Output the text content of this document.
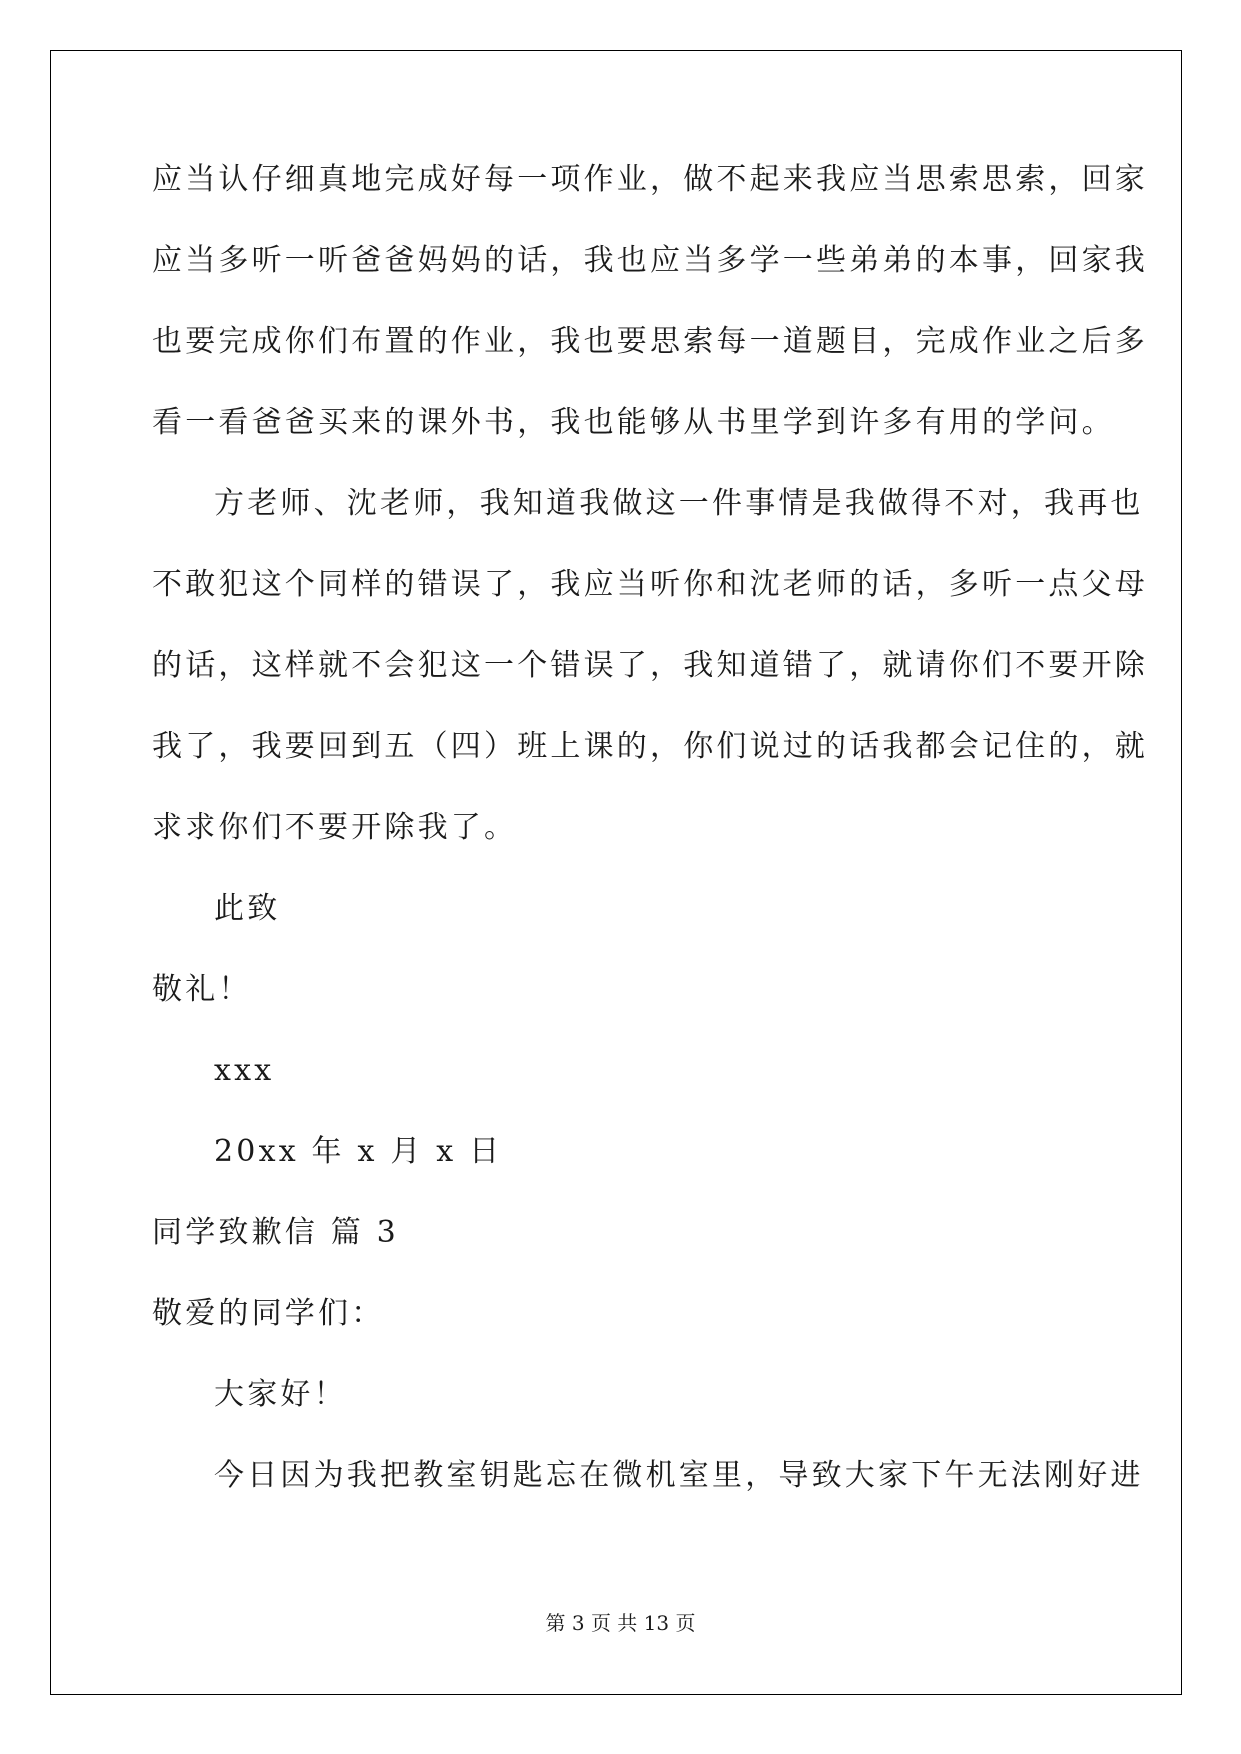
应当认仔细真地完成好每一项作业，做不起来我应当思索思索，回家
应当多听一听爸爸妈妈的话，我也应当多学一些弟弟的本事，回家我
也要完成你们布置的作业，我也要思索每一道题目，完成作业之后多
看一看爸爸买来的课外书，我也能够从书里学到许多有用的学问。
方老师、沈老师，我知道我做这一件事情是我做得不对，我再也
不敢犯这个同样的错误了，我应当听你和沈老师的话，多听一点父母
的话，这样就不会犯这一个错误了，我知道错了，就请你们不要开除
我了，我要回到五（四）班上课的，你们说过的话我都会记住的，就
求求你们不要开除我了。
此致
敬礼！
xxx
20xx 年 x 月 x 日
同学致歉信 篇 3
敬爱的同学们：
大家好！
今日因为我把教室钥匙忘在微机室里，导致大家下午无法刚好进
第 3 页 共 13 页
